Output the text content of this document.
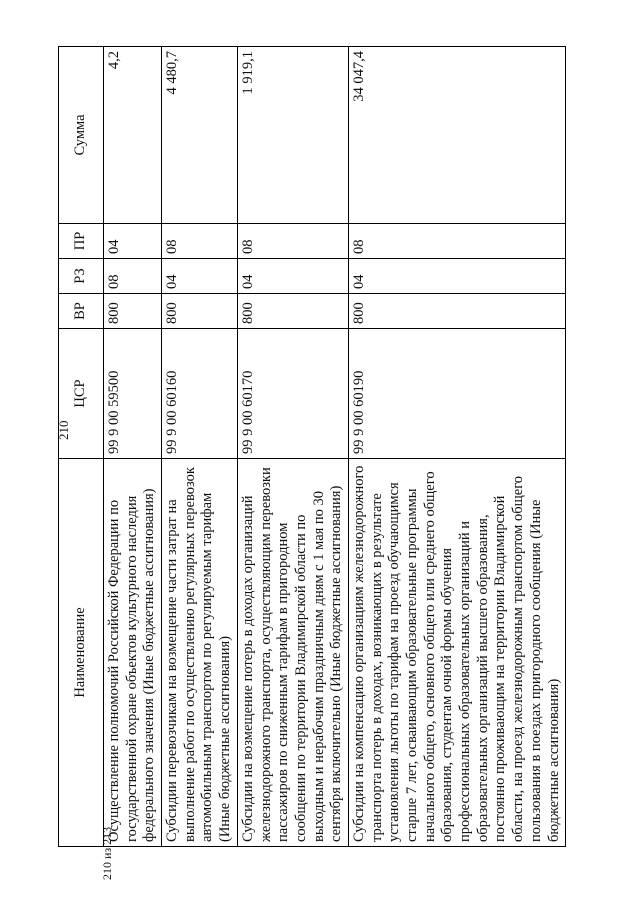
210
Наименование	ЦСР	ВР	РЗ	ПР	Сумма
Осуществление полномочий Российской Федерации по государственной охране объектов культурного наследия федерального значения (Иные бюджетные ассигнования)	99 9 00 59500	800	08	04	4,2
Субсидии перевозчикам на возмещение части затрат на выполнение работ по осуществлению регулярных перевозок автомобильным транспортом по регулируемым тарифам (Иные бюджетные ассигнования)	99 9 00 60160	800	04	08	4 480,7
Субсидии на возмещение потерь в доходах организаций железнодорожного транспорта, осуществляющим перевозки пассажиров по сниженным тарифам в пригородном сообщении по территории Владимирской области по выходным и нерабочим праздничным дням с 1 мая по 30 сентября включительно (Иные бюджетные ассигнования)	99 9 00 60170	800	04	08	1 919,1
Субсидии на компенсацию организациям железнодорожного транспорта потерь в доходах, возникающих в результате установления льготы по тарифам на проезд обучающимся старше 7 лет, осваивающим образовательные программы начального общего, основного общего или среднего общего образования, студентам очной формы обучения профессиональных образовательных организаций и образовательных организаций высшего образования, постоянно проживающим на территории Владимирской области, на проезд железнодорожным транспортом общего пользования в поездах пригородного сообщения (Иные бюджетные ассигнования)	99 9 00 60190	800	04	08	34 047,4
210 из 213
